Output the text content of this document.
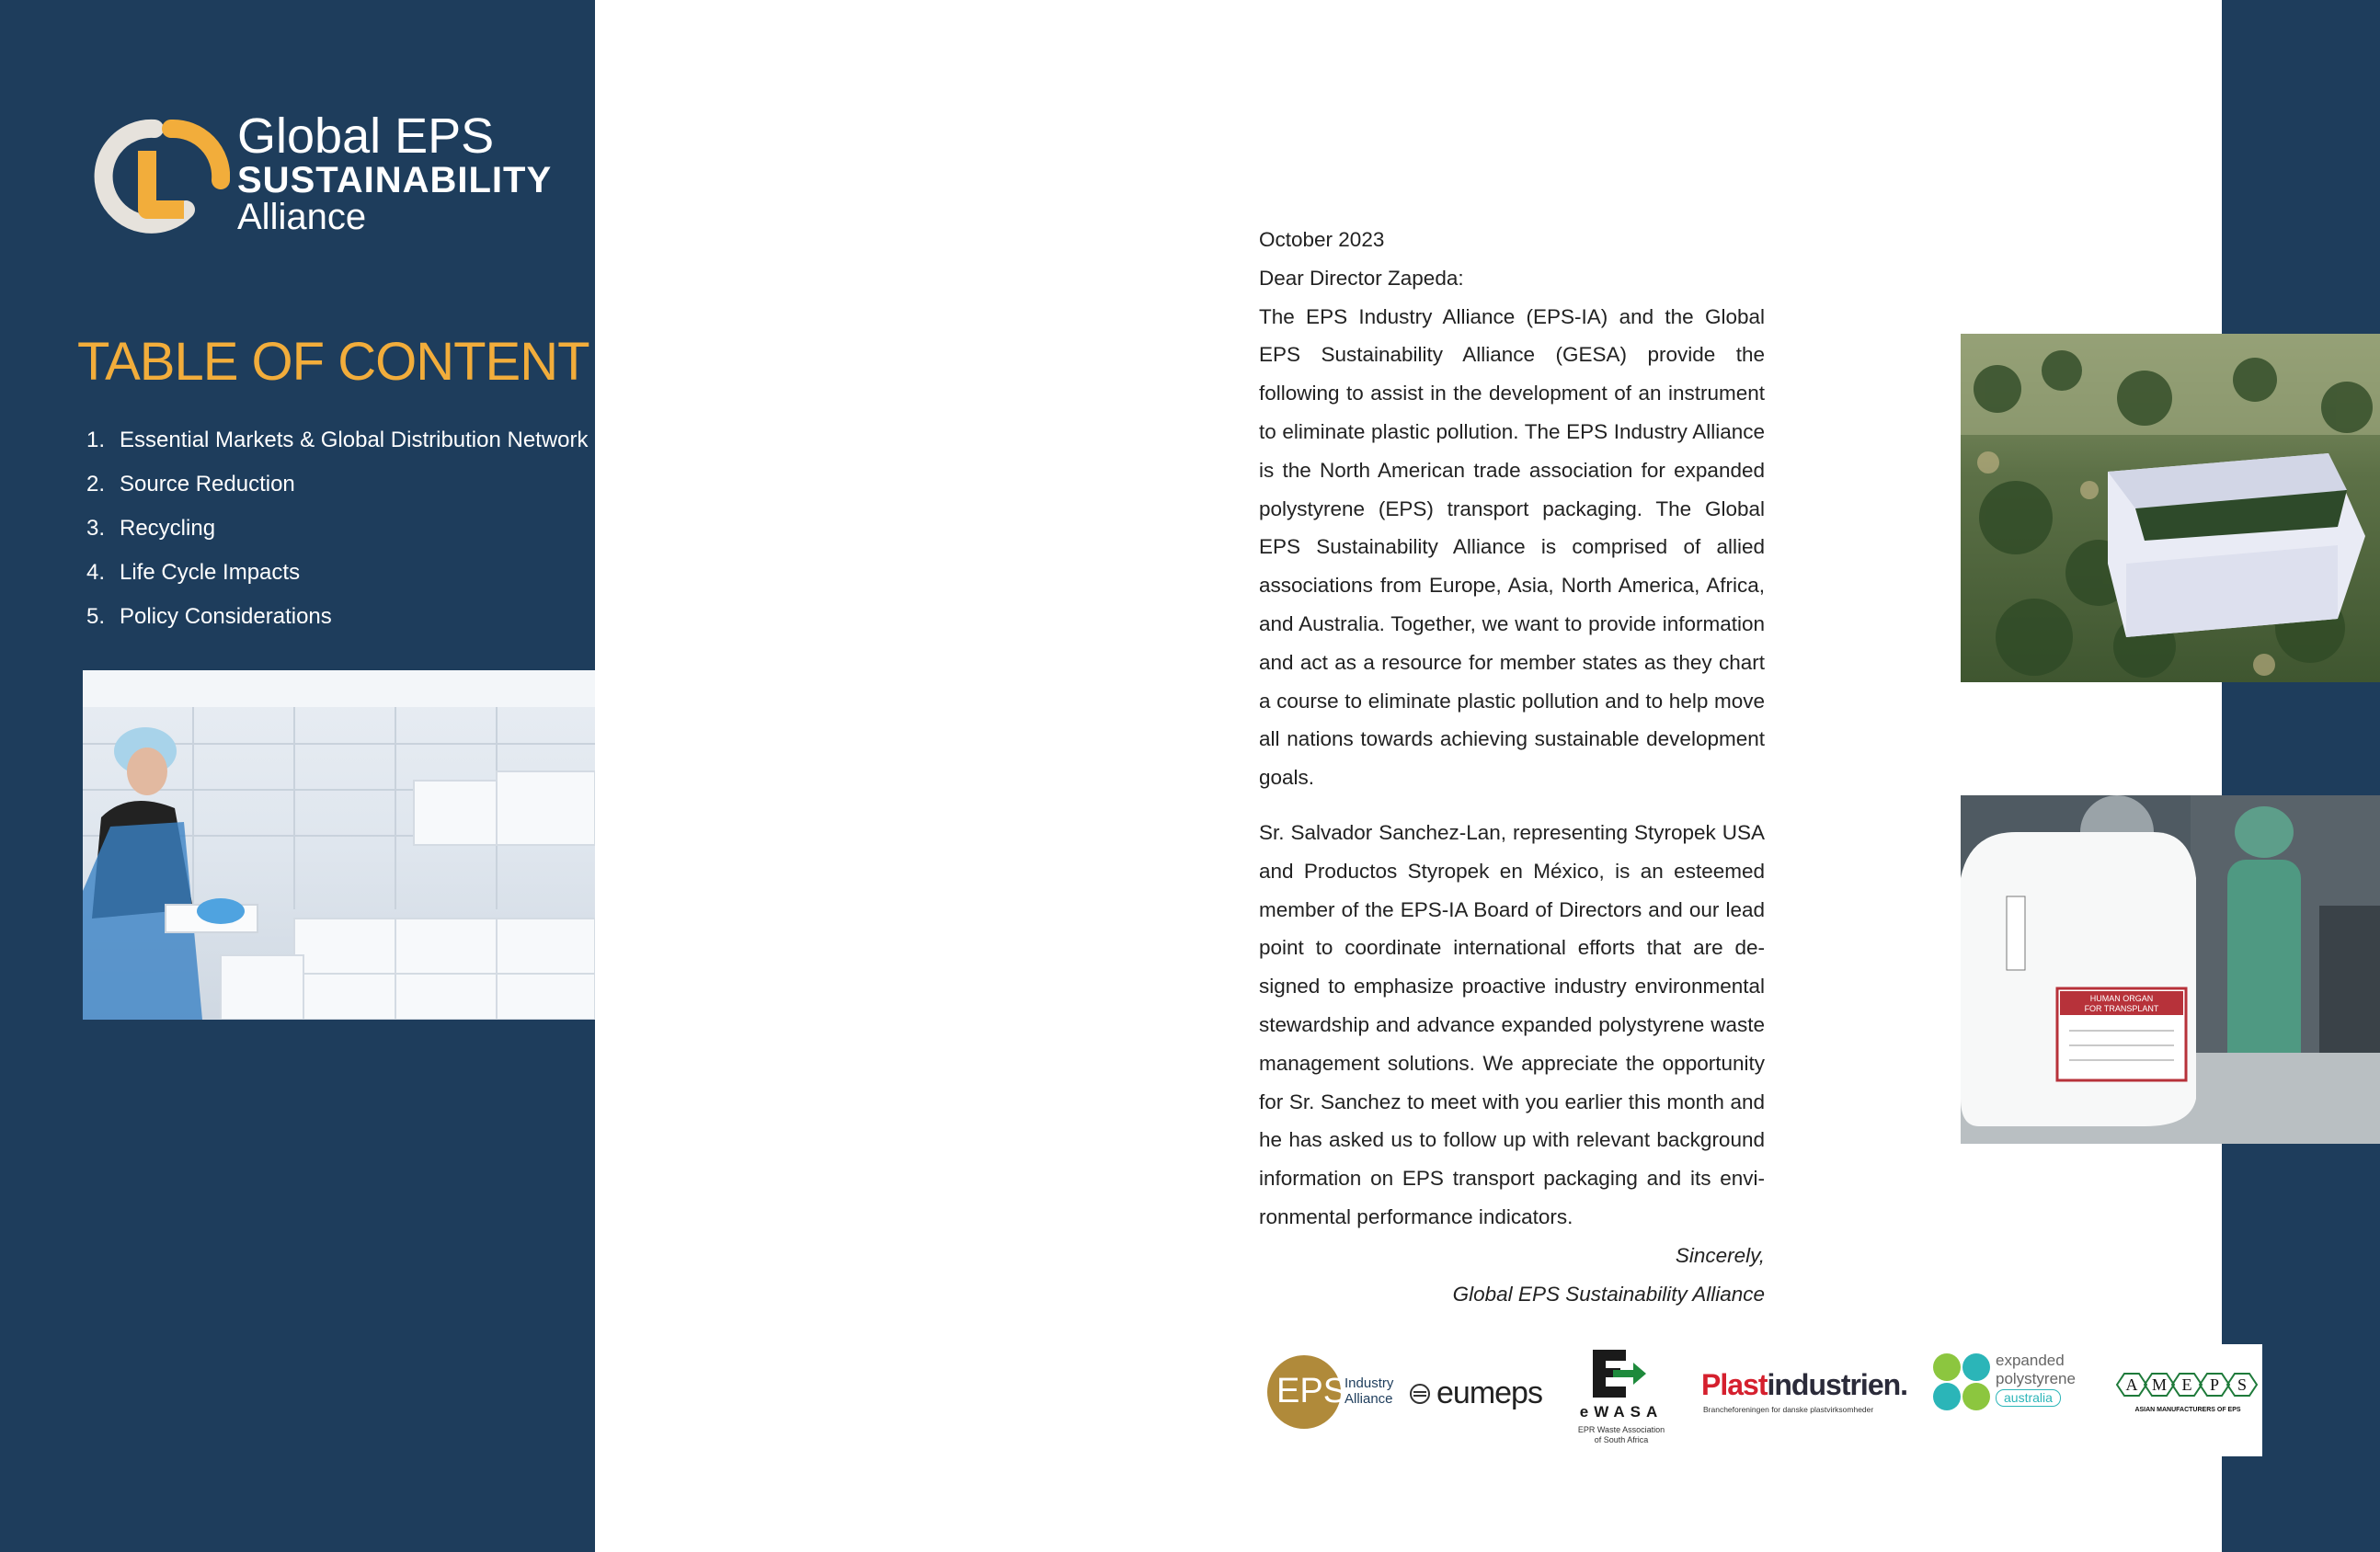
Global EPS
SUSTAINABILITY
Alliance
TABLE OF CONTENT
1. Essential Markets & Global Distribution Network
2. Source Reduction
3. Recycling
4. Life Cycle Impacts
5. Policy Considerations
HUMAN ORGAN
FOR TRANSPLANT

October 2023

Dear Director Zapeda:

The EPS Industry Alliance (EPS-IA) and the Global EPS Sustainability Alliance (GESA) provide the following to assist in the development of an instrument to eliminate plastic pollution. The EPS Industry Alliance is the North American trade association for expanded polystyrene (EPS) transport packaging. The Global EPS Sustainability Alliance is comprised of allied associations from Europe, Asia, North America, Africa, and Australia. Together, we want to provide information and act as a resource for member states as they chart a course to eliminate plastic pollution and to help move all nations towards achieving sustainable development goals.

Sr. Salvador Sanchez-Lan, representing Styropek USA and Productos Styropek en México, is an esteemed member of the EPS-IA Board of Directors and our lead point to coordinate international efforts that are designed to emphasize proactive industry environmental stewardship and advance expanded polystyrene waste management solutions. We appreciate the opportunity for Sr. Sanchez to meet with you earlier this month and he has asked us to follow up with relevant background information on EPS transport packaging and its environmental performance indicators.

Sincerely,
Global EPS Sustainability Alliance
EPS
Industry
Alliance eumeps
eWASA
EPR Waste Association
of South Africa
Plastindustrien.
Brancheforeningen for danske plastvirksomheder
expanded
polystyrene
australia
A M E P S
ASIAN MANUFACTURERS OF EPS
